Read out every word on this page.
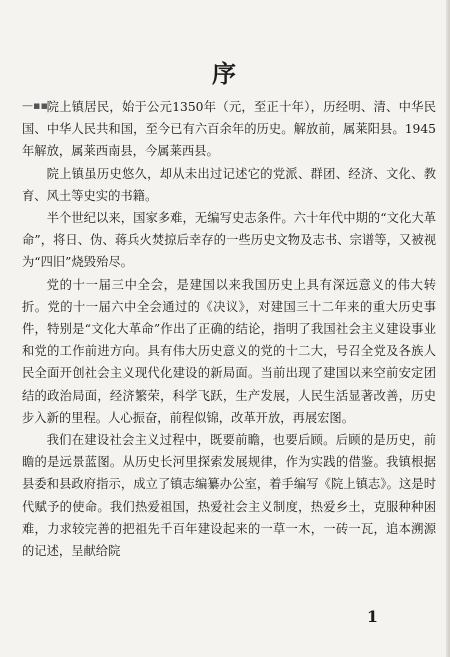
序
—▪▪

院上镇居民，始于公元1350年（元，至正十年），历经明、清、中华民国、中华人民共和国，至今已有六百余年的历史。解放前，属莱阳县。1945年解放，属莱西南县，今属莱西县。

院上镇虽历史悠久，却从未出过记述它的党派、群团、经济、文化、教育、风土等史实的书籍。

半个世纪以来，国家多难，无编写史志条件。六十年代中期的“文化大革命”，将日、伪、蒋兵火焚掠后幸存的一些历史文物及志书、宗谱等，又被视为“四旧”烧毁殆尽。

党的十一届三中全会，是建国以来我国历史上具有深远意义的伟大转折。党的十一届六中全会通过的《决议》，对建国三十二年来的重大历史事件，特别是“文化大革命”作出了正确的结论，指明了我国社会主义建设事业和党的工作前进方向。具有伟大历史意义的党的十二大，号召全党及各族人民全面开创社会主义现代化建设的新局面。当前出现了建国以来空前安定团结的政治局面，经济繁荣，科学飞跃，生产发展，人民生活显著改善，历史步入新的里程。人心振奋，前程似锦，改革开放，再展宏图。

我们在建设社会主义过程中，既要前瞻，也要后顾。后顾的是历史，前瞻的是远景蓝图。从历史长河里探索发展规律，作为实践的借鉴。我镇根据县委和县政府指示，成立了镇志编纂办公室，着手编写《院上镇志》。这是时代赋予的使命。我们热爱祖国，热爱社会主义制度，热爱乡土，克服种种困难，力求较完善的把祖先千百年建设起来的一草一木，一砖一瓦，追本溯源的记述，呈献给院

1
